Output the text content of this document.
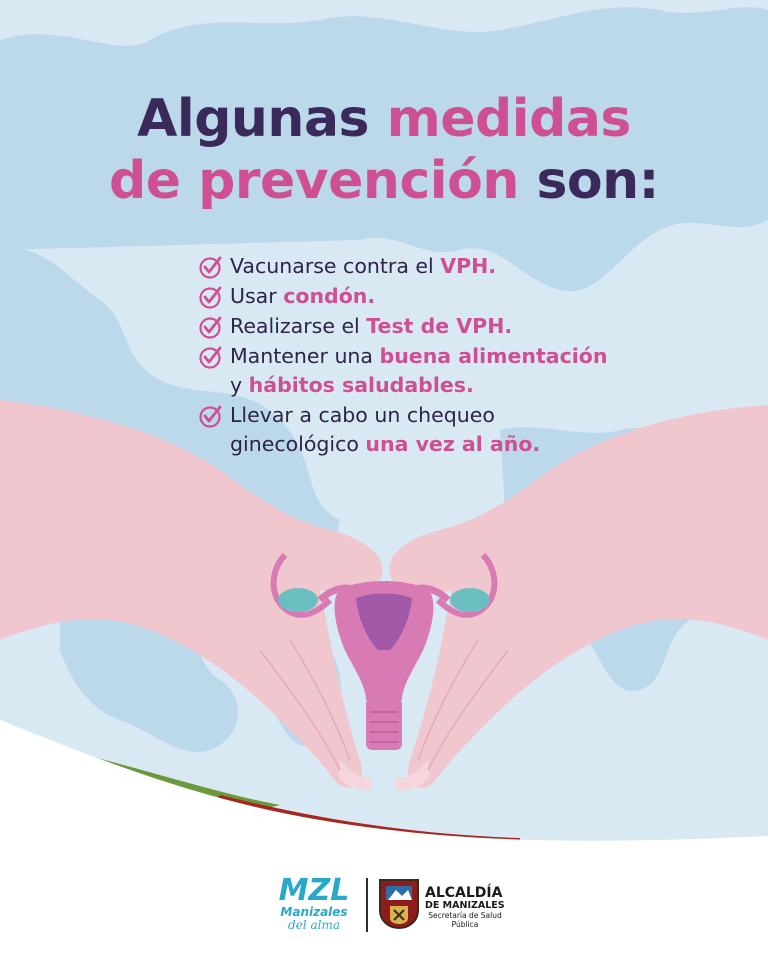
Algunas medidas
de prevención son:
Vacunarse contra el VPH.
Usar condón.
Realizarse el Test de VPH.
Mantener una buena alimentación
y hábitos saludables.
Llevar a cabo un chequeo
ginecológico una vez al año.
MZL
Manizales
del alma
ALCALDÍA
DE MANIZALES
Secretaría de Salud Pública
